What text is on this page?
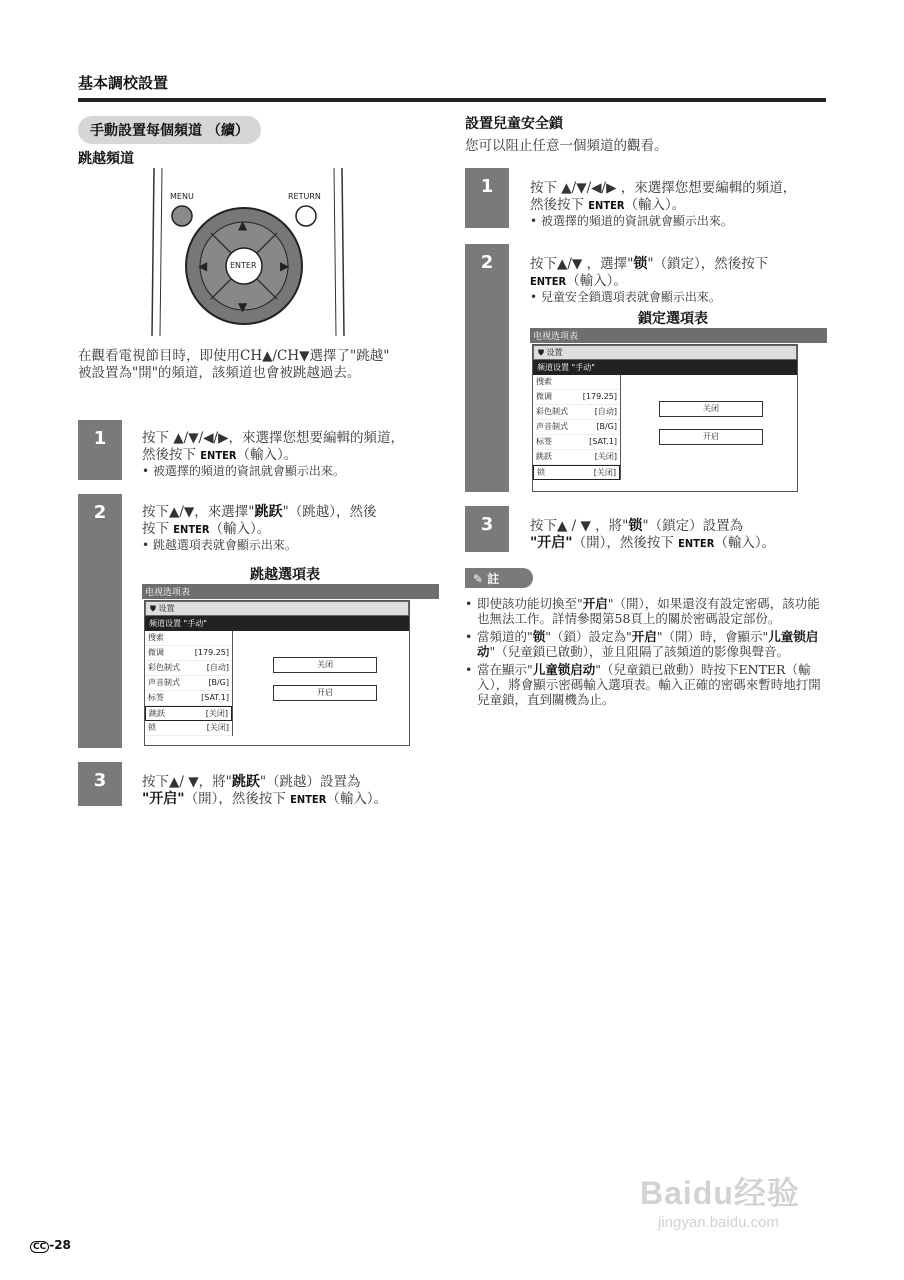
基本調校設置
手動設置每個頻道 （續）
跳越頻道
MENU	RETURN
ENTER
▲
▼
◀	▶
在觀看電視節目時，即使用CH▲/CH▼選擇了"跳越"
被設置為"開"的頻道，該頻道也會被跳越過去。
1	按下 ▲/▼/◀/▶，來選擇您想要編輯的頻道，
然後按下 ENTER（輸入）。
• 被選擇的頻道的資訊就會顯示出來。
2	按下▲/▼，來選擇"跳跃"（跳越），然後
按下 ENTER（輸入）。
• 跳越選項表就會顯示出來。
跳越選項表
电视选项表
⛊ 设置
频道设置 "手动"
搜索
微调	[179.25]
彩色制式	[自动]
声音制式	[B/G]
标签	[SAT.1]
跳跃	[关闭]
锁	[关闭]
关闭
开启
3	按下▲/ ▼，將"跳跃"（跳越）設置為
"开启"（開），然後按下 ENTER（輸入）。
設置兒童安全鎖
您可以阻止任意一個頻道的觀看。
1	按下 ▲/▼/◀/▶ ，來選擇您想要編輯的頻道，
然後按下 ENTER（輸入）。
• 被選擇的頻道的資訊就會顯示出來。
2	按下▲/▼ ，選擇"锁"（鎖定），然後按下
ENTER（輸入）。
• 兒童安全鎖選項表就會顯示出來。
鎖定選項表
电视选项表
⛊ 设置
频道设置 "手动"
搜索
微调	[179.25]
彩色制式	[自动]
声音制式	[B/G]
标签	[SAT.1]
跳跃	[关闭]
锁	[关闭]
关闭
开启
3	按下▲ / ▼ ，將"锁"（鎖定）設置為
"开启"（開），然後按下 ENTER（輸入）。
✎ 註
• 即使該功能切換至"开启"（開），如果還沒有設定密碼，該功能也無法工作。詳情參閱第58頁上的關於密碼設定部份。
• 當頻道的"锁"（鎖）設定為"开启"（開）時，會顯示"儿童锁启动"（兒童鎖已啟動），並且阻隔了該頻道的影像與聲音。
• 當在顯示"儿童锁启动"（兒童鎖已啟動）時按下ENTER（輸入），將會顯示密碼輸入選項表。輸入正確的密碼來暫時地打開兒童鎖，直到關機為止。
CC -28
Baidu经验
jingyan.baidu.com
